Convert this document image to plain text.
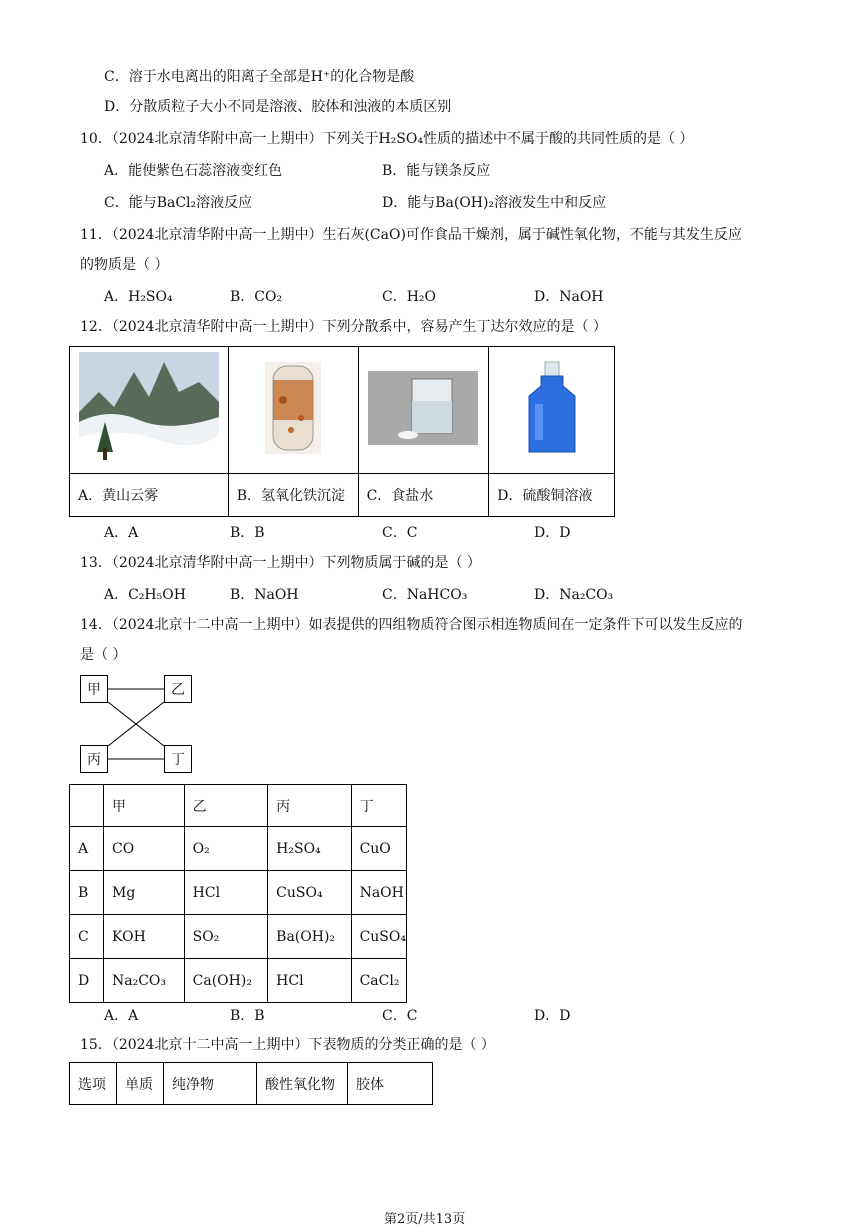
C．溶于水电离出的阳离子全部是H⁺的化合物是酸
D．分散质粒子大小不同是溶液、胶体和浊液的本质区别
10．（2024北京清华附中高一上期中）下列关于H₂SO₄性质的描述中不属于酸的共同性质的是（ ）
A．能使紫色石蕊溶液变红色	B．能与镁条反应
C．能与BaCl₂溶液反应	D．能与Ba(OH)₂溶液发生中和反应
11．（2024北京清华附中高一上期中）生石灰(CaO)可作食品干燥剂，属于碱性氧化物，不能与其发生反应
的物质是（ ）
A．H₂SO₄	B．CO₂	C．H₂O	D．NaOH
12．（2024北京清华附中高一上期中）下列分散系中，容易产生丁达尔效应的是（ ）

A．黄山云雾	B．氢氧化铁沉淀	C．食盐水	D．硫酸铜溶液
A．A	B．B	C．C	D．D
13．（2024北京清华附中高一上期中）下列物质属于碱的是（ ）
A．C₂H₅OH	B．NaOH	C．NaHCO₃	D．Na₂CO₃
14．（2024北京十二中高一上期中）如表提供的四组物质符合图示相连物质间在一定条件下可以发生反应的
是（ ）
甲	乙
丙	丁
	甲	乙	丙	丁
A	CO	O₂	H₂SO₄	CuO
B	Mg	HCl	CuSO₄	NaOH
C	KOH	SO₂	Ba(OH)₂	CuSO₄
D	Na₂CO₃	Ca(OH)₂	HCl	CaCl₂
A．A	B．B	C．C	D．D
15．（2024北京十二中高一上期中）下表物质的分类正确的是（ ）
选项	单质	纯净物	酸性氧化物	胶体
第2页/共13页
